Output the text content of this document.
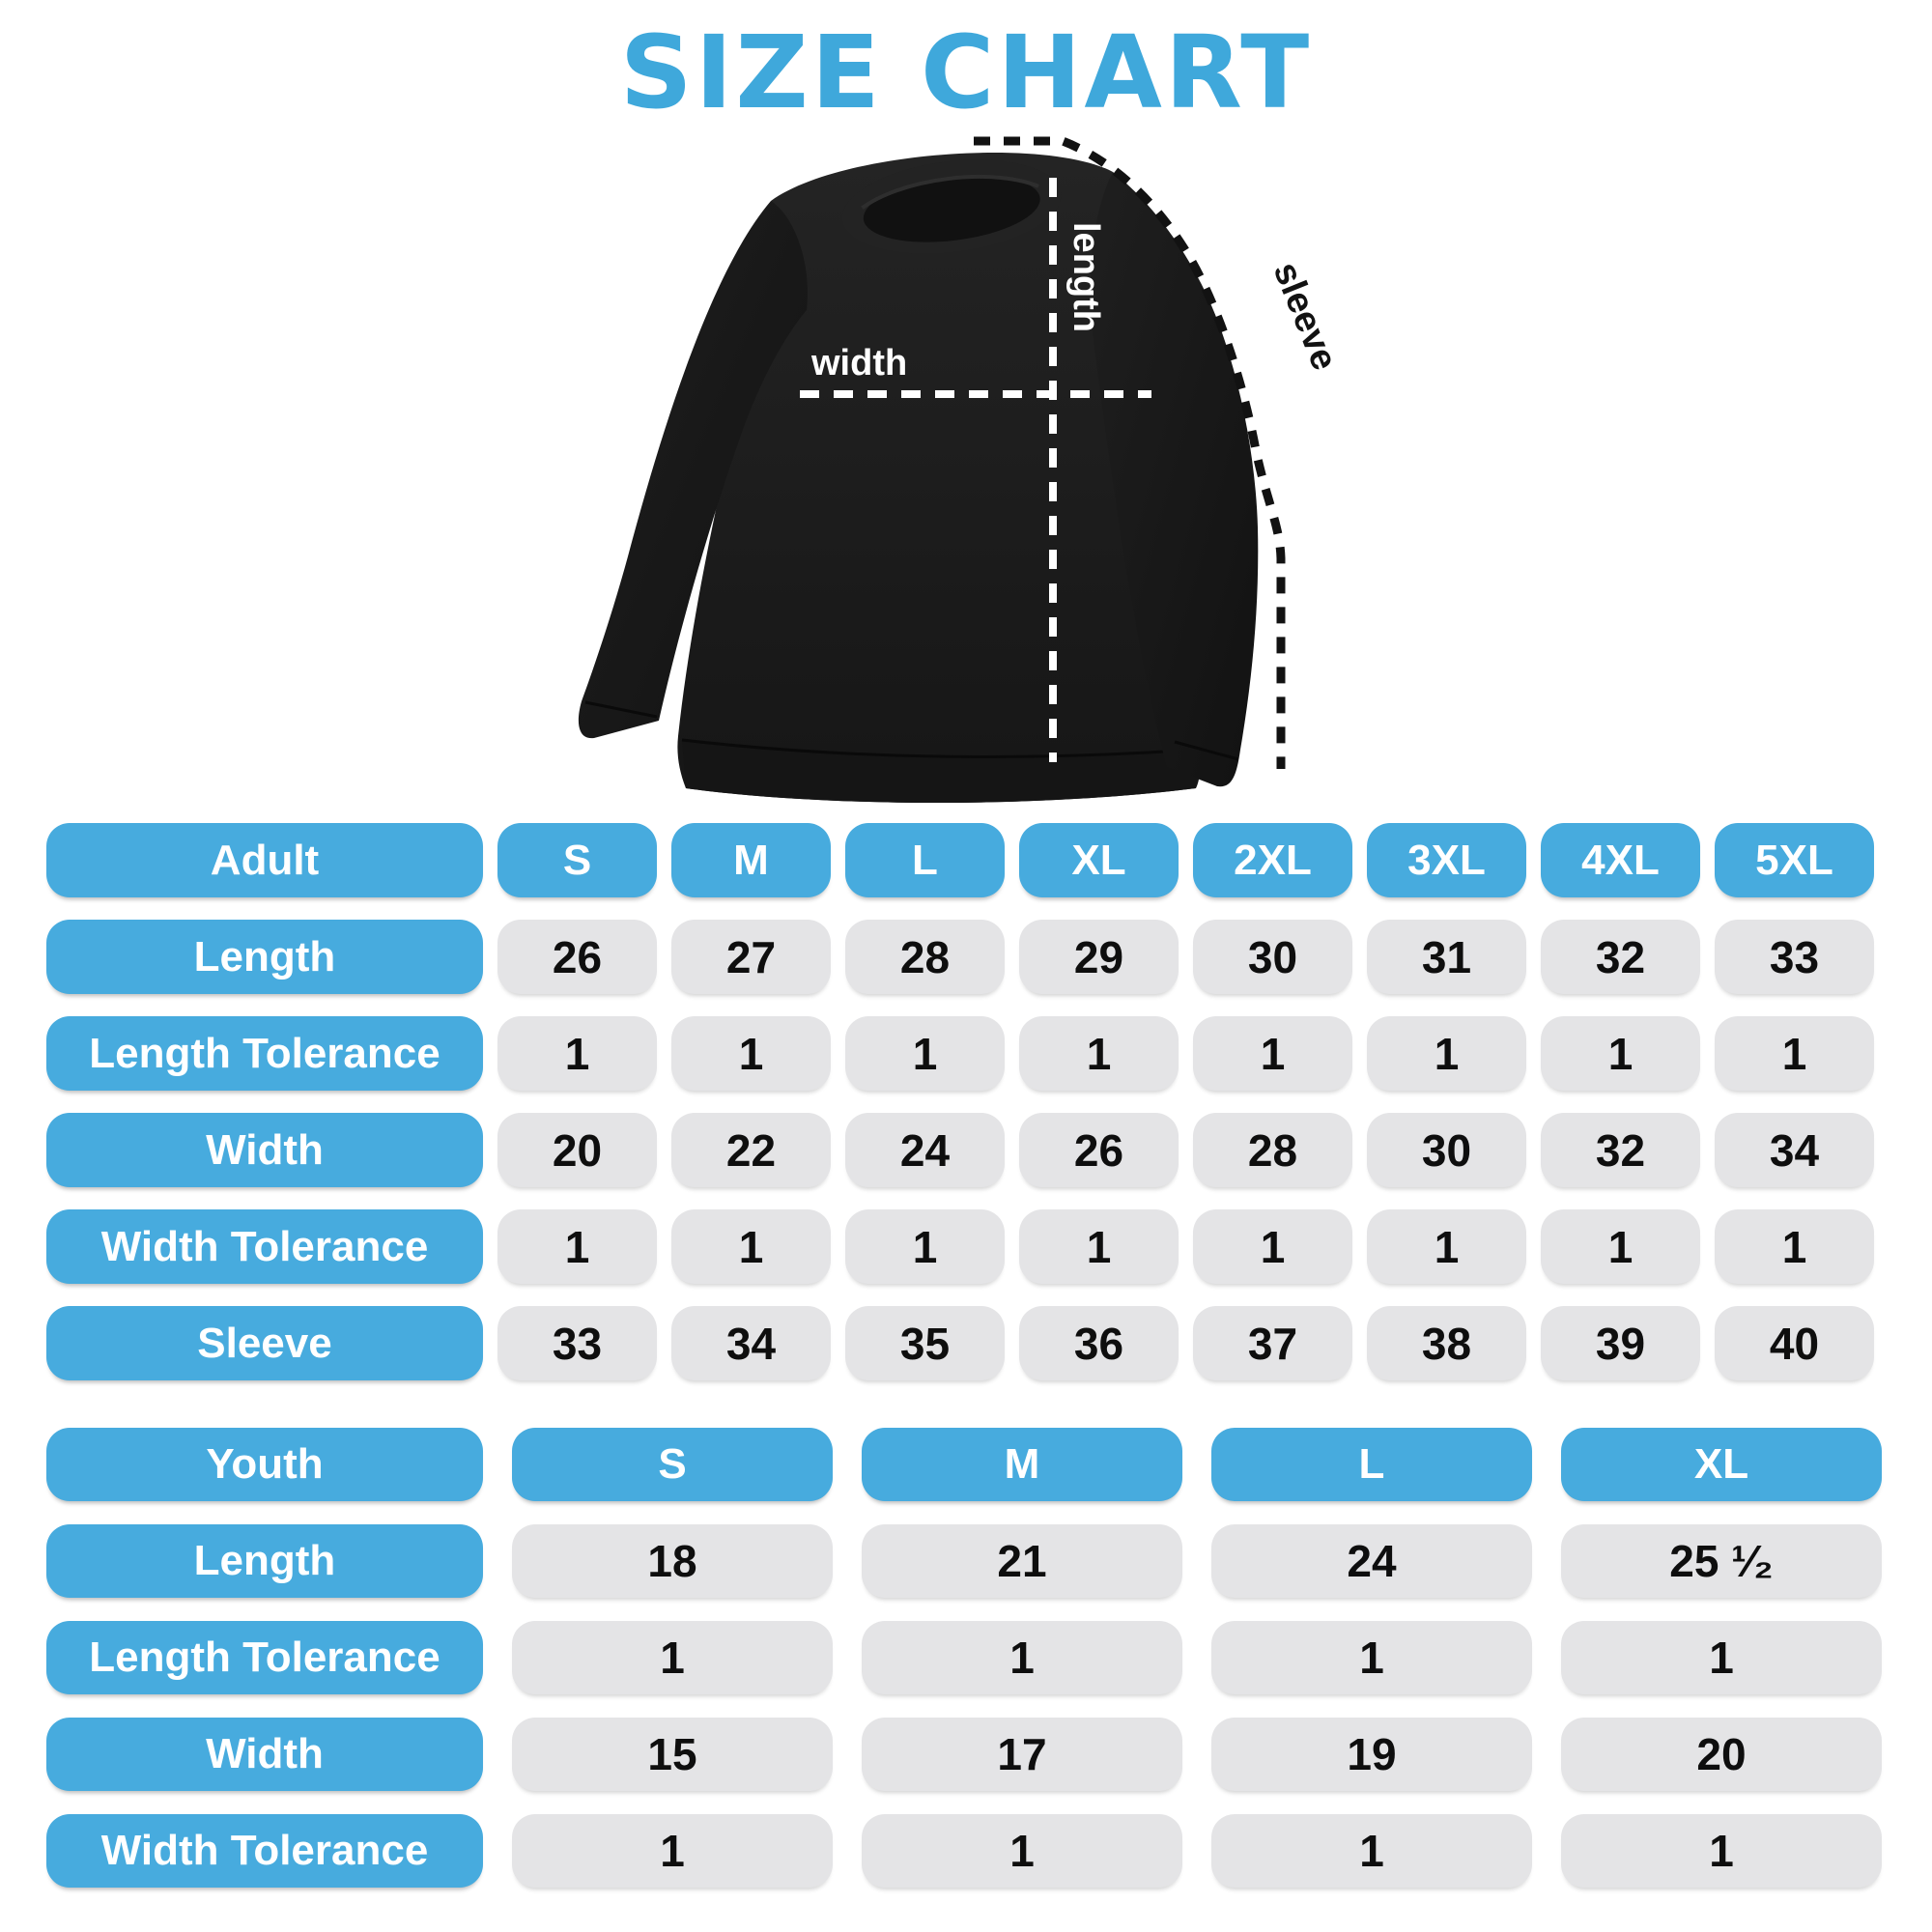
SIZE CHART
width
length	sleeve
Adult	S	M	L	XL	2XL	3XL	4XL	5XL
Length	26	27	28	29	30	31	32	33
Length Tolerance	1	1	1	1	1	1	1	1
Width	20	22	24	26	28	30	32	34
Width Tolerance	1	1	1	1	1	1	1	1
Sleeve	33	34	35	36	37	38	39	40
Youth	S	M	L	XL
Length	18	21	24	25 ¹⁄₂
Length Tolerance	1	1	1	1
Width	15	17	19	20
Width Tolerance	1	1	1	1
